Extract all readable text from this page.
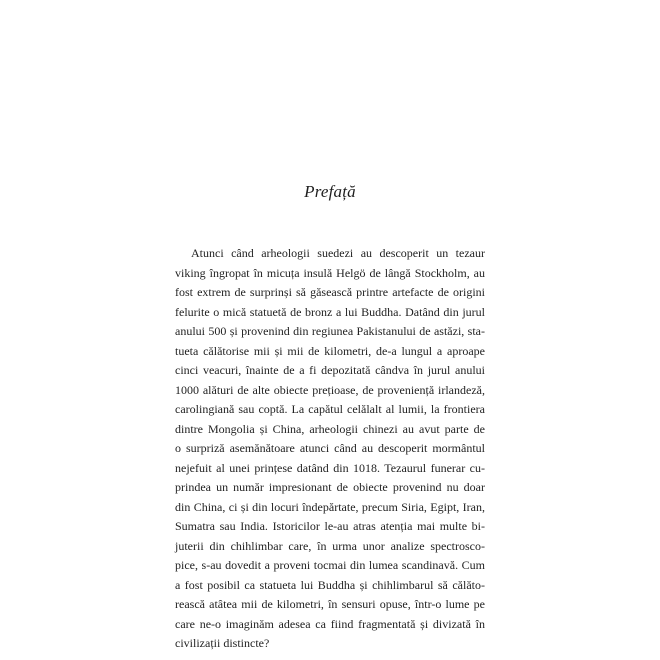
Prefață
Atunci când arheologii suedezi au descoperit un tezaur
viking îngropat în micuța insulă Helgö de lângă Stockholm, au
fost extrem de surprinși să găsească printre artefacte de origini
felurite o mică statuetă de bronz a lui Buddha. Datând din jurul
anului 500 și provenind din regiunea Pakistanului de astăzi, sta-
tueta călătorise mii și mii de kilometri, de-a lungul a aproape
cinci veacuri, înainte de a fi depozitată cândva în jurul anului
1000 alături de alte obiecte prețioase, de proveniență irlandeză,
carolingiană sau coptă. La capătul celălalt al lumii, la frontiera
dintre Mongolia și China, arheologii chinezi au avut parte de
o surpriză asemănătoare atunci când au descoperit mormântul
nejefuit al unei prințese datând din 1018. Tezaurul funerar cu-
prindea un număr impresionant de obiecte provenind nu doar
din China, ci și din locuri îndepărtate, precum Siria, Egipt, Iran,
Sumatra sau India. Istoricilor le-au atras atenția mai multe bi-
juterii din chihlimbar care, în urma unor analize spectrosco-
pice, s-au dovedit a proveni tocmai din lumea scandinavă. Cum
a fost posibil ca statueta lui Buddha și chihlimbarul să călăto-
rească atâtea mii de kilometri, în sensuri opuse, într-o lume pe
care ne-o imaginăm adesea ca fiind fragmentată și divizată în
civilizații distincte?
